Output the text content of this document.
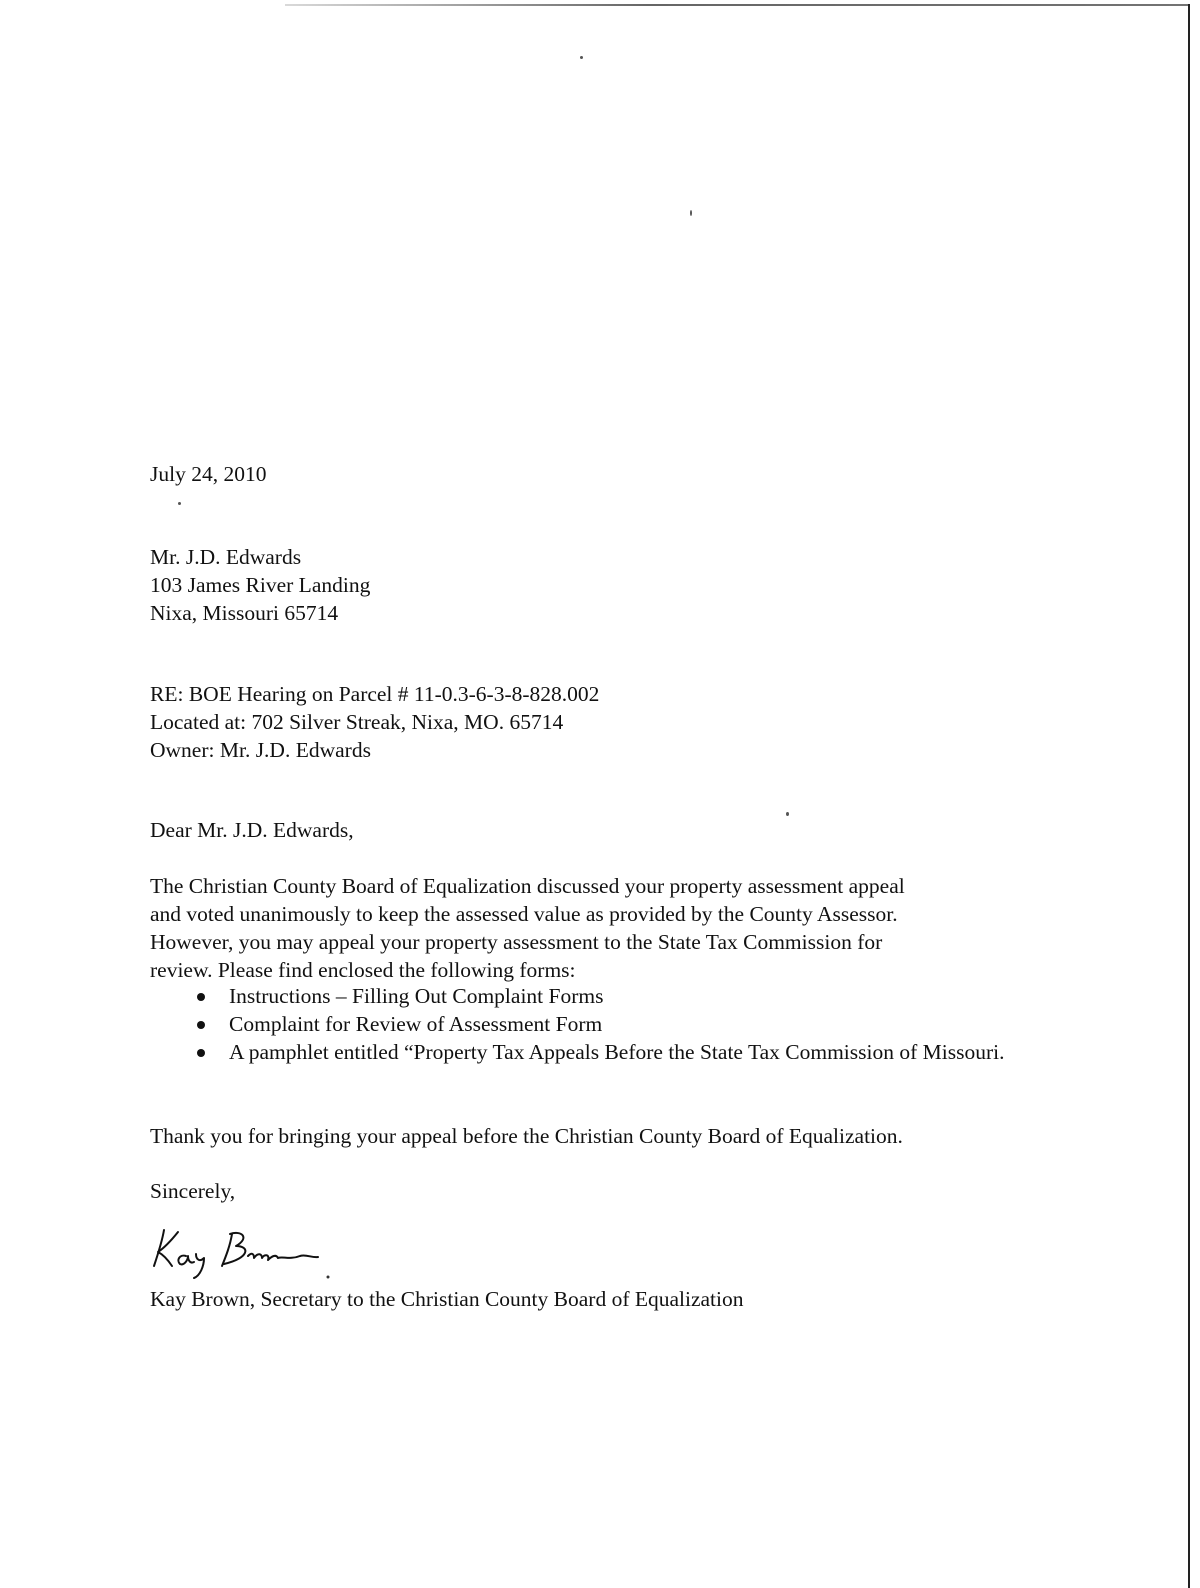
July 24, 2010
Mr. J.D. Edwards
103 James River Landing
Nixa, Missouri 65714
RE: BOE Hearing on Parcel # 11-0.3-6-3-8-828.002
Located at: 702 Silver Streak, Nixa, MO. 65714
Owner: Mr. J.D. Edwards
Dear Mr. J.D. Edwards,
The Christian County Board of Equalization discussed your property assessment appeal
and voted unanimously to keep the assessed value as provided by the County Assessor.
However, you may appeal your property assessment to the State Tax Commission for
review. Please find enclosed the following forms:
Instructions – Filling Out Complaint Forms
Complaint for Review of Assessment Form
A pamphlet entitled “Property Tax Appeals Before the State Tax Commission of Missouri.
Thank you for bringing your appeal before the Christian County Board of Equalization.
Sincerely,
Kay Brown, Secretary to the Christian County Board of Equalization
